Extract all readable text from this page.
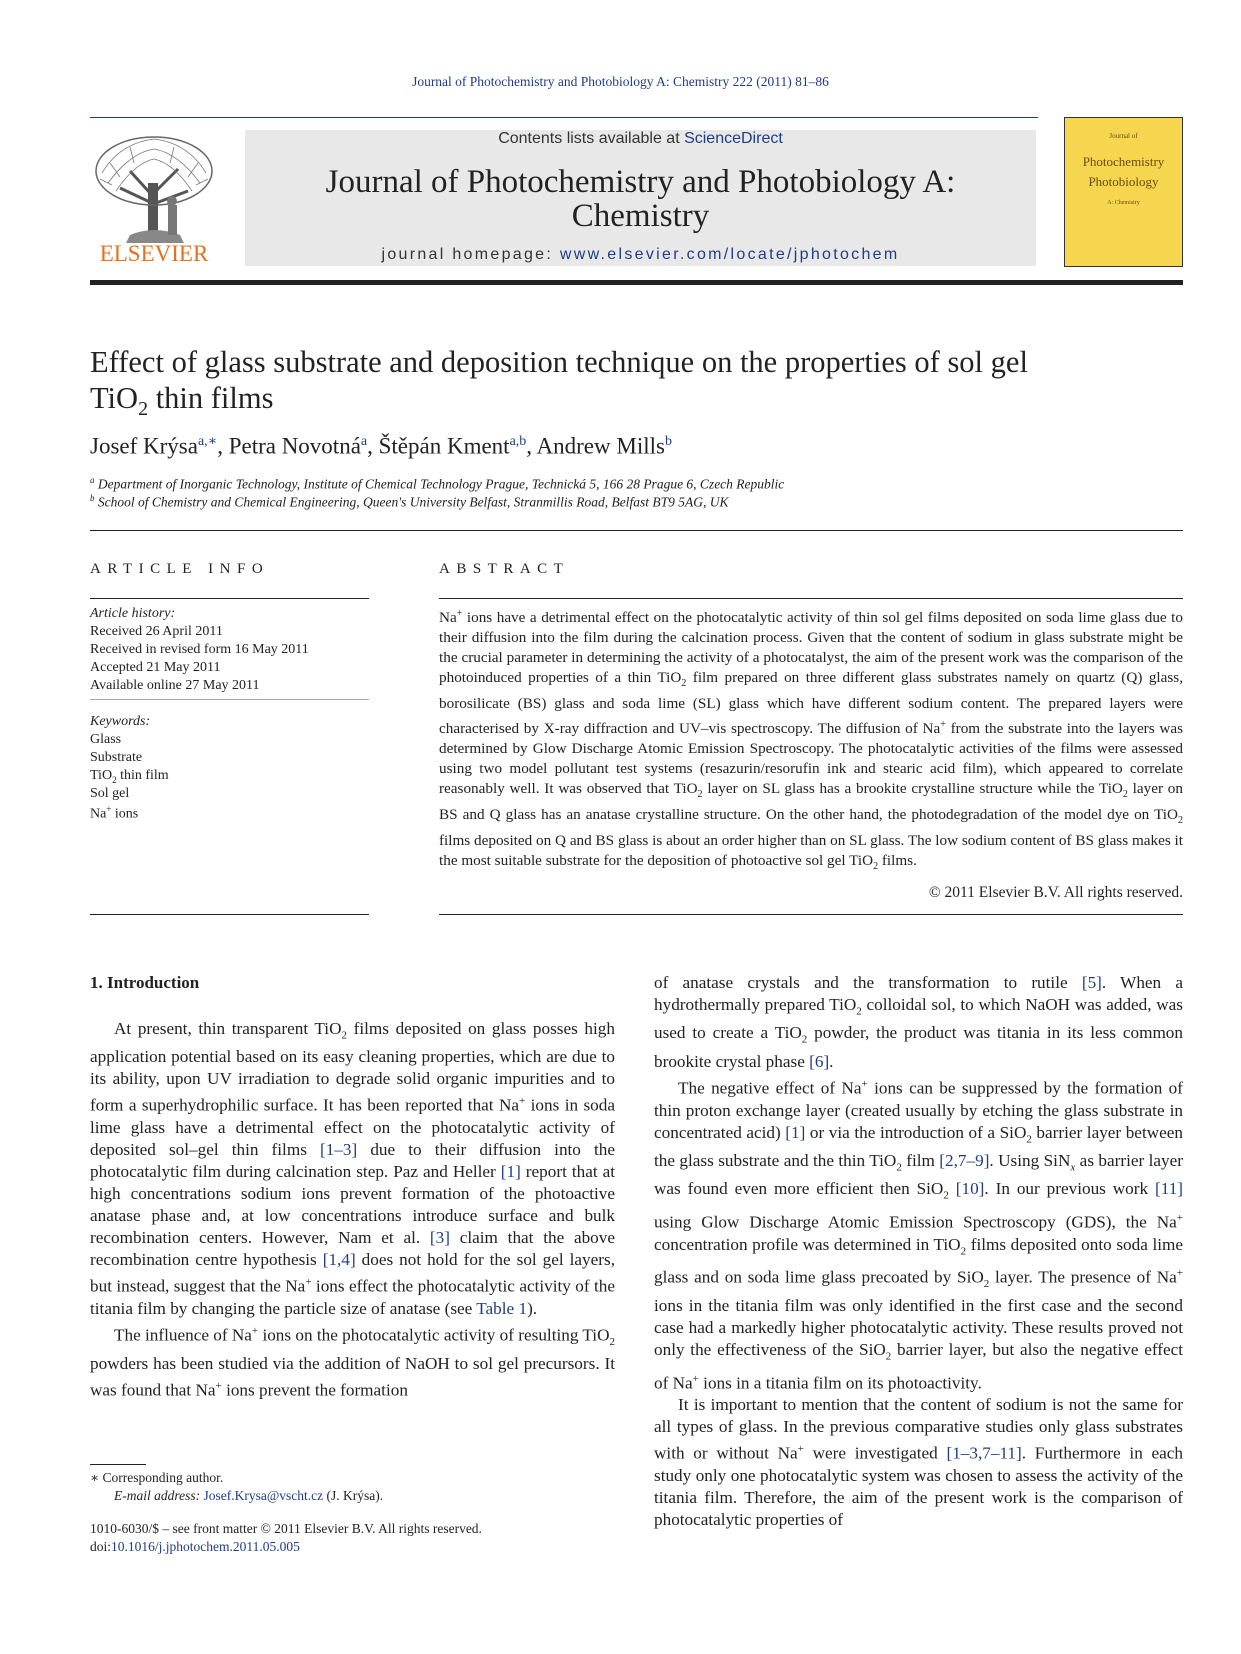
Journal of Photochemistry and Photobiology A: Chemistry 222 (2011) 81–86
ELSEVIER
Contents lists available at ScienceDirect
Journal of Photochemistry and Photobiology A:
Chemistry
journal homepage: www.elsevier.com/locate/jphotochem
Journal of
Photochemistry
Photobiology
A: Chemistry
Effect of glass substrate and deposition technique on the properties of sol gel
TiO$_2$ thin films
Josef Krýsa$^{a,∗}$, Petra Novotná$^a$, Štěpán Kment$^{a,b}$, Andrew Mills$^b$
$^a$ Department of Inorganic Technology, Institute of Chemical Technology Prague, Technická 5, 166 28 Prague 6, Czech Republic
$^b$ School of Chemistry and Chemical Engineering, Queen's University Belfast, Stranmillis Road, Belfast BT9 5AG, UK
ARTICLE INFO	ABSTRACT
Article history:
Received 26 April 2011
Received in revised form 16 May 2011
Accepted 21 May 2011
Available online 27 May 2011
Keywords:
Glass
Substrate
TiO$_2$ thin film
Sol gel
Na+ ions
Na+ ions have a detrimental effect on the photocatalytic activity of thin sol gel films deposited on soda lime glass due to their diffusion into the film during the calcination process. Given that the content of sodium in glass substrate might be the crucial parameter in determining the activity of a photocatalyst, the aim of the present work was the comparison of the photoinduced properties of a thin TiO$_2$ film prepared on three different glass substrates namely on quartz (Q) glass, borosilicate (BS) glass and soda lime (SL) glass which have different sodium content. The prepared layers were characterised by X-ray diffraction and UV–vis spectroscopy. The diffusion of Na+ from the substrate into the layers was determined by Glow Discharge Atomic Emission Spectroscopy. The photocatalytic activities of the films were assessed using two model pollutant test systems (resazurin/resorufin ink and stearic acid film), which appeared to correlate reasonably well. It was observed that TiO$_2$ layer on SL glass has a brookite crystalline structure while the TiO$_2$ layer on BS and Q glass has an anatase crystalline structure. On the other hand, the photodegradation of the model dye on TiO$_2$ films deposited on Q and BS glass is about an order higher than on SL glass. The low sodium content of BS glass makes it the most suitable substrate for the deposition of photoactive sol gel TiO$_2$ films.
© 2011 Elsevier B.V. All rights reserved.
1. Introduction

At present, thin transparent TiO$_2$ films deposited on glass posses high application potential based on its easy cleaning properties, which are due to its ability, upon UV irradiation to degrade solid organic impurities and to form a superhydrophilic surface. It has been reported that Na+ ions in soda lime glass have a detrimental effect on the photocatalytic activity of deposited sol–gel thin films [1–3] due to their diffusion into the photocatalytic film during calcination step. Paz and Heller [1] report that at high concentrations sodium ions prevent formation of the photoactive anatase phase and, at low concentrations introduce surface and bulk recombination centers. However, Nam et al. [3] claim that the above recombination centre hypothesis [1,4] does not hold for the sol gel layers, but instead, suggest that the Na+ ions effect the photocatalytic activity of the titania film by changing the particle size of anatase (see Table 1).

The influence of Na+ ions on the photocatalytic activity of resulting TiO$_2$ powders has been studied via the addition of NaOH to sol gel precursors. It was found that Na+ ions prevent the formation

of anatase crystals and the transformation to rutile [5]. When a hydrothermally prepared TiO$_2$ colloidal sol, to which NaOH was added, was used to create a TiO$_2$ powder, the product was titania in its less common brookite crystal phase [6].

The negative effect of Na+ ions can be suppressed by the formation of thin proton exchange layer (created usually by etching the glass substrate in concentrated acid) [1] or via the introduction of a SiO$_2$ barrier layer between the glass substrate and the thin TiO$_2$ film [2,7–9]. Using SiN$_x$ as barrier layer was found even more efficient then SiO$_2$ [10]. In our previous work [11] using Glow Discharge Atomic Emission Spectroscopy (GDS), the Na+ concentration profile was determined in TiO$_2$ films deposited onto soda lime glass and on soda lime glass precoated by SiO$_2$ layer. The presence of Na+ ions in the titania film was only identified in the first case and the second case had a markedly higher photocatalytic activity. These results proved not only the effectiveness of the SiO$_2$ barrier layer, but also the negative effect of Na+ ions in a titania film on its photoactivity.

It is important to mention that the content of sodium is not the same for all types of glass. In the previous comparative studies only glass substrates with or without Na+ were investigated [1–3,7–11]. Furthermore in each study only one photocatalytic system was chosen to assess the activity of the titania film. Therefore, the aim of the present work is the comparison of photocatalytic properties of

∗ Corresponding author.
E-mail address: Josef.Krysa@vscht.cz (J. Krýsa).
1010-6030/$ – see front matter © 2011 Elsevier B.V. All rights reserved.
doi:10.1016/j.jphotochem.2011.05.005
